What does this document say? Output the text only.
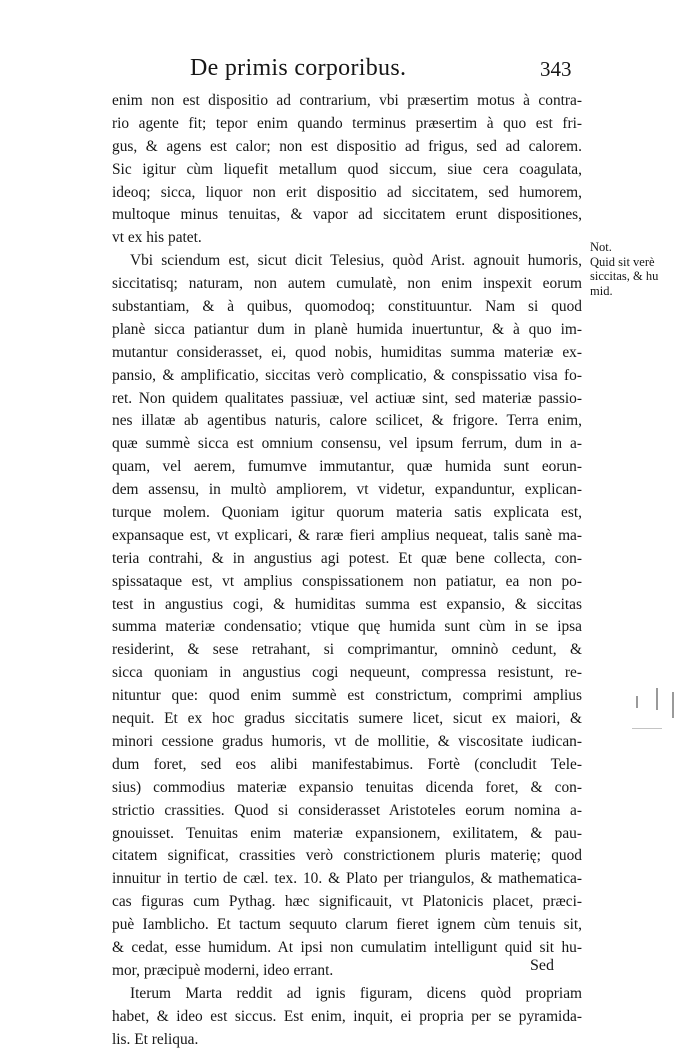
De primis corporibus.	343
enim non est dispositio ad contrarium, vbi præsertim motus à contra-
rio agente fit; tepor enim quando terminus præsertim à quo est fri-
gus, & agens est calor; non est dispositio ad frigus, sed ad calorem.
Sic igitur cùm liquefit metallum quod siccum, siue cera coagulata,
ideoq; sicca, liquor non erit dispositio ad siccitatem, sed humorem,
multoque minus tenuitas, & vapor ad siccitatem erunt dispositiones,
vt ex his patet.
Vbi sciendum est, sicut dicit Telesius, quòd Arist. agnouit humoris,
siccitatisq; naturam, non autem cumulatè, non enim inspexit eorum
substantiam, & à quibus, quomodoq; constituuntur. Nam si quod
planè sicca patiantur dum in planè humida inuertuntur, & à quo im-
mutantur considerasset, ei, quod nobis, humiditas summa materiæ ex-
pansio, & amplificatio, siccitas verò complicatio, & conspissatio visa fo-
ret. Non quidem qualitates passiuæ, vel actiuæ sint, sed materiæ passio-
nes illatæ ab agentibus naturis, calore scilicet, & frigore. Terra enim,
quæ summè sicca est omnium consensu, vel ipsum ferrum, dum in a-
quam, vel aerem, fumumve immutantur, quæ humida sunt eorun-
dem assensu, in multò ampliorem, vt videtur, expanduntur, explican-
turque molem. Quoniam igitur quorum materia satis explicata est,
expansaque est, vt explicari, & raræ fieri amplius nequeat, talis sanè ma-
teria contrahi, & in angustius agi potest. Et quæ bene collecta, con-
spissataque est, vt amplius conspissationem non patiatur, ea non po-
test in angustius cogi, & humiditas summa est expansio, & siccitas
summa materiæ condensatio; vtique quę humida sunt cùm in se ipsa
residerint, & sese retrahant, si comprimantur, omninò cedunt, &
sicca quoniam in angustius cogi nequeunt, compressa resistunt, re-
nituntur que: quod enim summè est constrictum, comprimi amplius
nequit. Et ex hoc gradus siccitatis sumere licet, sicut ex maiori, &
minori cessione gradus humoris, vt de mollitie, & viscositate iudican-
dum foret, sed eos alibi manifestabimus. Fortè (concludit Tele-
sius) commodius materiæ expansio tenuitas dicenda foret, & con-
strictio crassities. Quod si considerasset Aristoteles eorum nomina a-
gnouisset. Tenuitas enim materiæ expansionem, exilitatem, & pau-
citatem significat, crassities verò constrictionem pluris materię; quod
innuitur in tertio de cæl. tex. 10. & Plato per triangulos, & mathematica-
cas figuras cum Pythag. hæc significauit, vt Platonicis placet, præci-
puè Iamblicho. Et tactum sequuto clarum fieret ignem cùm tenuis sit,
& cedat, esse humidum. At ipsi non cumulatim intelligunt quid sit hu-
mor, præcipuè moderni, ideo errant.
Iterum Marta reddit ad ignis figuram, dicens quòd propriam
habet, & ideo est siccus. Est enim, inquit, ei propria per se pyramida-
lis. Et reliqua.
Not.
Quid sit verè
siccitas, & hu
mid.
Sed
